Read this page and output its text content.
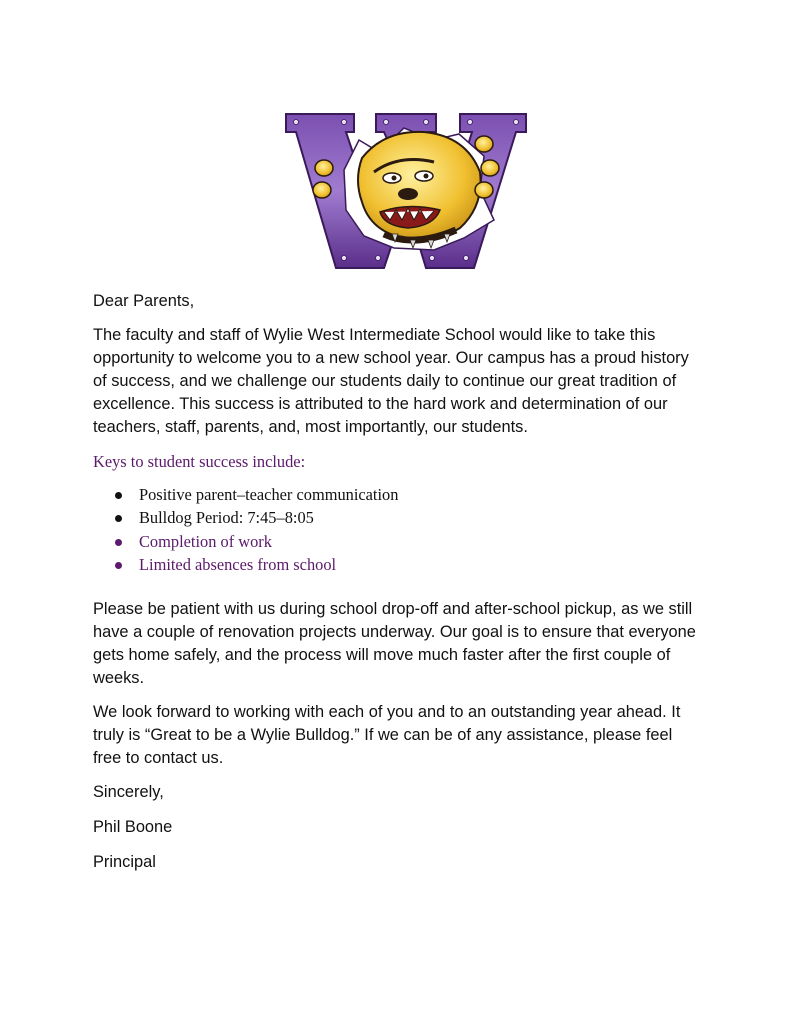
Dear Parents,

The faculty and staff of Wylie West Intermediate School would like to take this opportunity to welcome you to a new school year. Our campus has a proud history of success, and we challenge our students daily to continue our great tradition of excellence. This success is attributed to the hard work and determination of our teachers, staff, parents, and, most importantly, our students.

Keys to student success include:

Positive parent–teacher communication
Bulldog Period: 7:45–8:05
Completion of work
Limited absences from school

Please be patient with us during school drop-off and after-school pickup, as we still have a couple of renovation projects underway. Our goal is to ensure that everyone gets home safely, and the process will move much faster after the first couple of weeks.

We look forward to working with each of you and to an outstanding year ahead. It truly is “Great to be a Wylie Bulldog.” If we can be of any assistance, please feel free to contact us.

Sincerely,

Phil Boone

Principal
